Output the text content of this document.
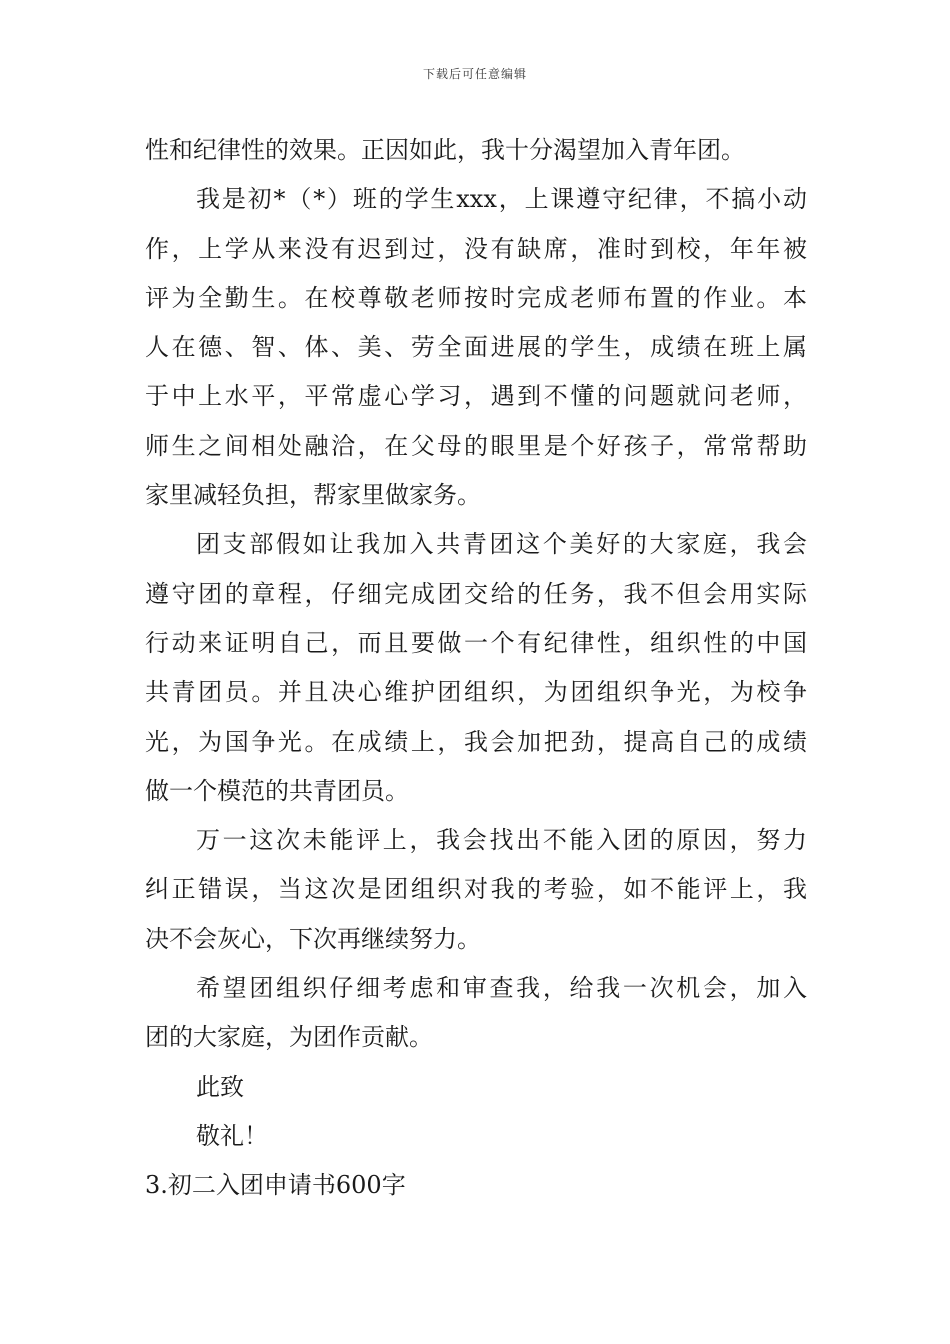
下载后可任意编辑
性和纪律性的效果。正因如此，我十分渴望加入青年团。
我是初*（*）班的学生xxx，上课遵守纪律，不搞小动
作，上学从来没有迟到过，没有缺席，准时到校，年年被
评为全勤生。在校尊敬老师按时完成老师布置的作业。本
人在德、智、体、美、劳全面进展的学生，成绩在班上属
于中上水平，平常虚心学习，遇到不懂的问题就问老师，
师生之间相处融洽，在父母的眼里是个好孩子，常常帮助
家里减轻负担，帮家里做家务。
团支部假如让我加入共青团这个美好的大家庭，我会
遵守团的章程，仔细完成团交给的任务，我不但会用实际
行动来证明自己，而且要做一个有纪律性，组织性的中国
共青团员。并且决心维护团组织，为团组织争光，为校争
光，为国争光。在成绩上，我会加把劲，提高自己的成绩
做一个模范的共青团员。
万一这次未能评上，我会找出不能入团的原因，努力
纠正错误，当这次是团组织对我的考验，如不能评上，我
决不会灰心，下次再继续努力。
希望团组织仔细考虑和审查我，给我一次机会，加入
团的大家庭，为团作贡献。
此致
敬礼！
3.初二入团申请书600字
